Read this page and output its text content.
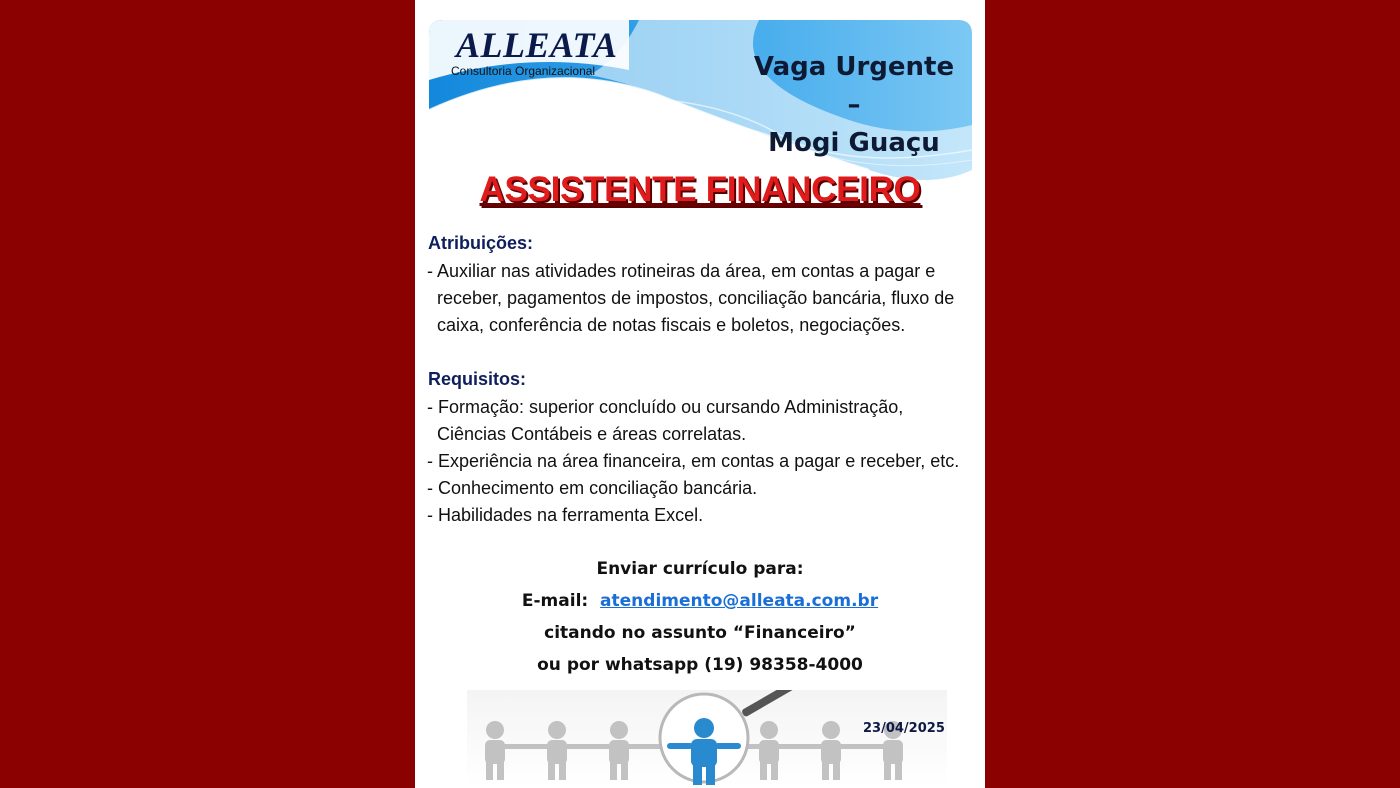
ALLEATA
Consultoria Organizacional	Vaga Urgente –
Mogi Guaçu
ASSISTENTE FINANCEIRO
Atribuições:
- Auxiliar nas atividades rotineiras da área, em contas a pagar e
receber, pagamentos de impostos, conciliação bancária, fluxo de
caixa, conferência de notas fiscais e boletos, negociações.
Requisitos:
- Formação: superior concluído ou cursando Administração,
Ciências Contábeis e áreas correlatas.
- Experiência na área financeira, em contas a pagar e receber, etc.
- Conhecimento em conciliação bancária.
- Habilidades na ferramenta Excel.
Enviar currículo para:
E-mail: atendimento@alleata.com.br
citando no assunto “Financeiro”
ou por whatsapp (19) 98358-4000
23/04/2025
